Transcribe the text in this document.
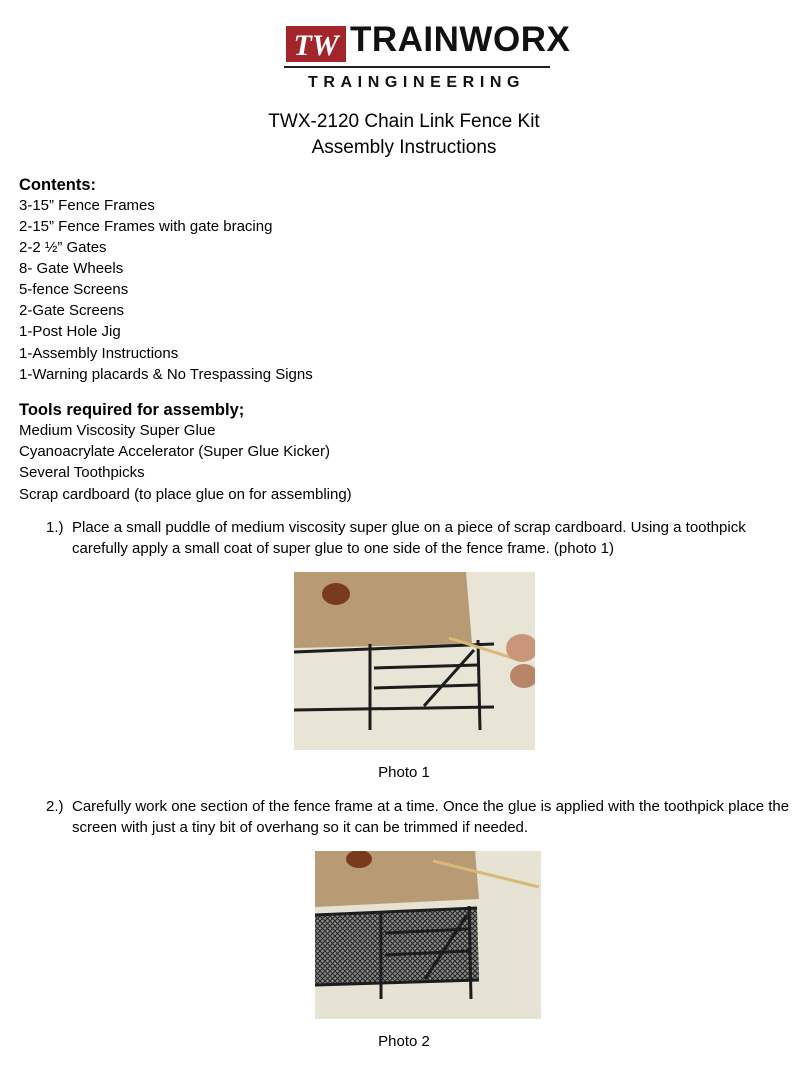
TW TRAINWORX
TRAINGINEERING
TWX-2120 Chain Link Fence Kit
Assembly Instructions
Contents:
3-15” Fence Frames
2-15” Fence Frames with gate bracing
2-2 ½” Gates
8- Gate Wheels
5-fence Screens
2-Gate Screens
1-Post Hole Jig
1-Assembly Instructions
1-Warning placards & No Trespassing Signs
Tools required for assembly;
Medium Viscosity Super Glue
Cyanoacrylate Accelerator (Super Glue Kicker)
Several Toothpicks
Scrap cardboard (to place glue on for assembling)
1.) Place a small puddle of medium viscosity super glue on a piece of scrap cardboard. Using a toothpick carefully apply a small coat of super glue to one side of the fence frame. (photo 1)
Photo 1
2.) Carefully work one section of the fence frame at a time. Once the glue is applied with the toothpick place the screen with just a tiny bit of overhang so it can be trimmed if needed.
Photo 2
